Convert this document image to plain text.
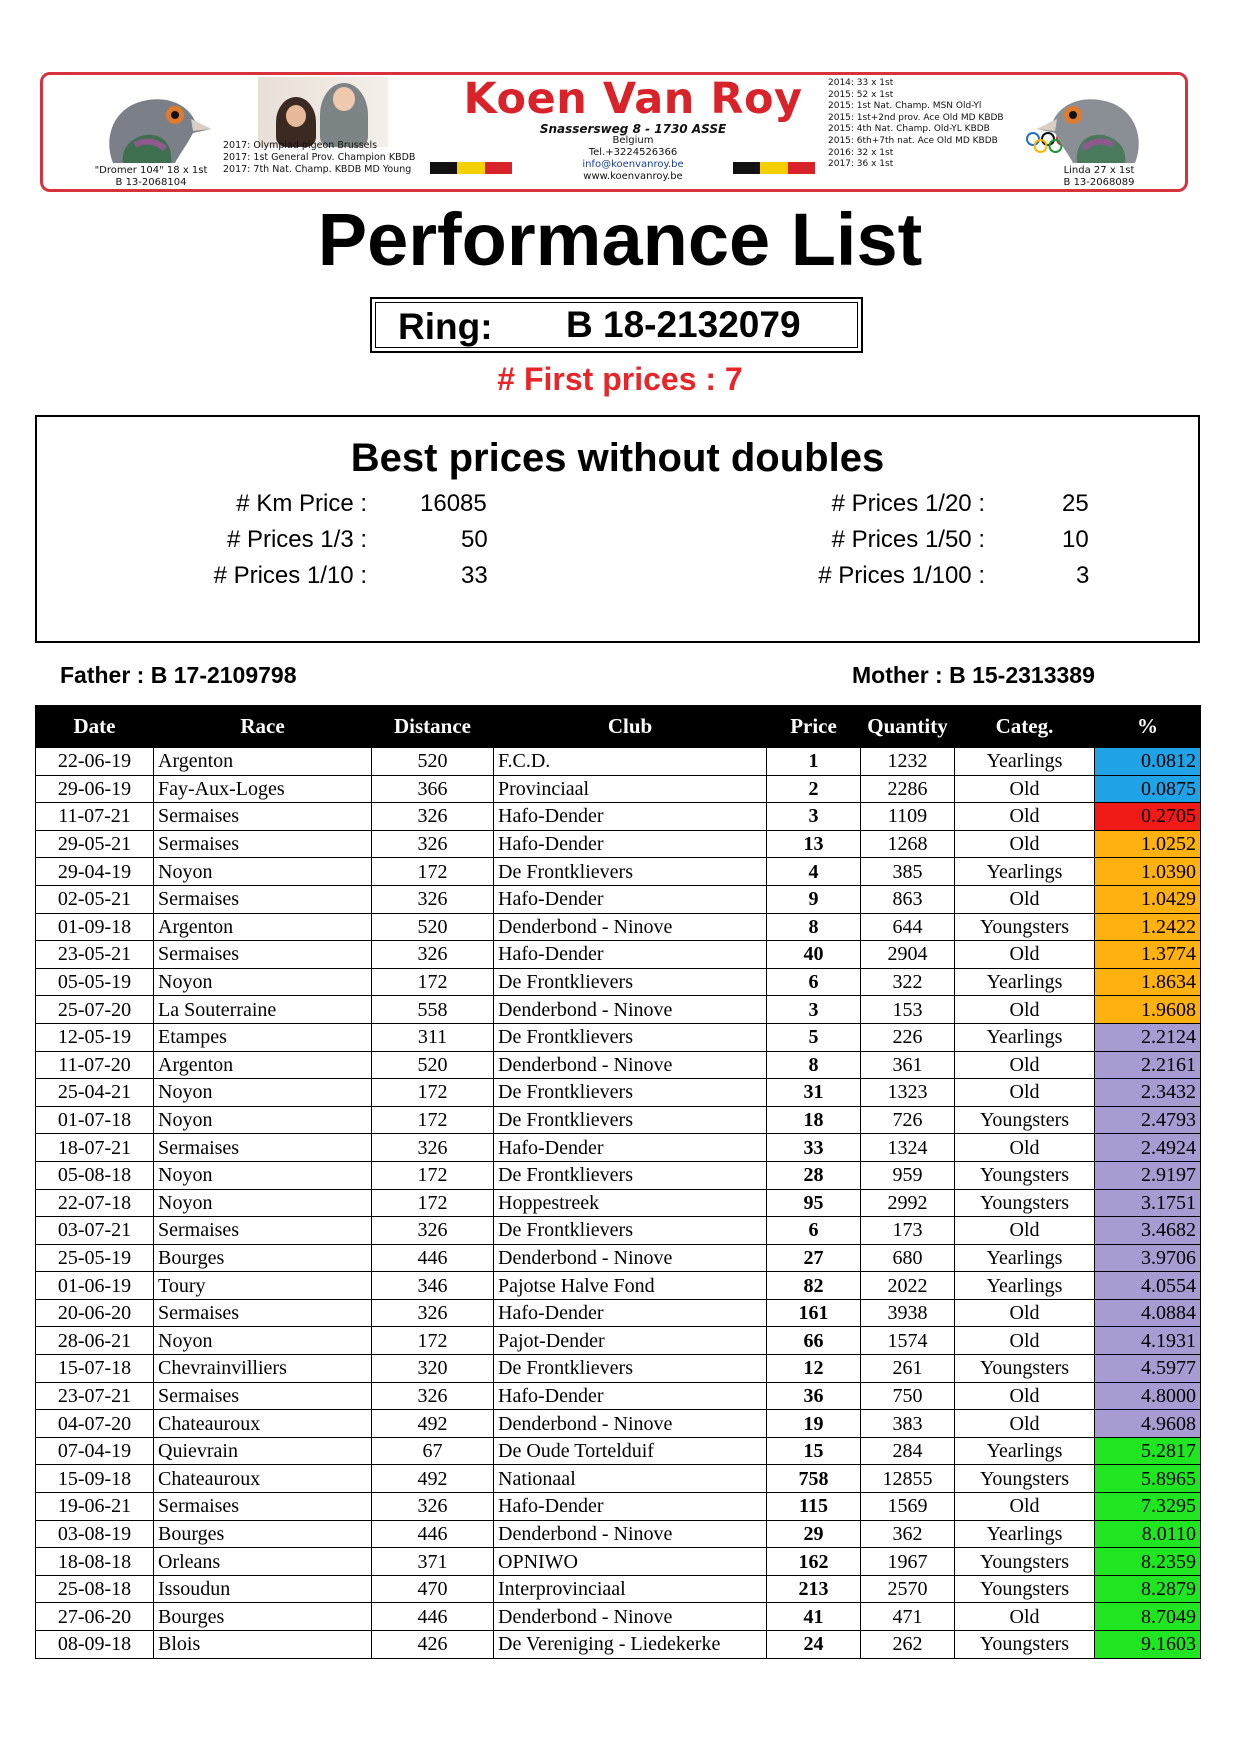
"Dromer 104" 18 x 1st
B 13-2068104
2017: Olympiad pigeon Brussels
2017: 1st General Prov. Champion KBDB
2017: 7th Nat. Champ. KBDB MD Young
Koen Van Roy
Snassersweg 8 - 1730 ASSE
Belgium
Tel.+3224526366
info@koenvanroy.be
www.koenvanroy.be
2014: 33 x 1st
2015: 52 x 1st
2015: 1st Nat. Champ. MSN Old-Yl
2015: 1st+2nd prov. Ace Old MD KBDB
2015: 4th Nat. Champ. Old-YL KBDB
2015: 6th+7th nat. Ace Old MD KBDB
2016: 32 x 1st
2017: 36 x 1st
Linda 27 x 1st
B 13-2068089
Performance List
Ring: B 18-2132079
# First prices : 7
Best prices without doubles
# Km Price : 16085
# Prices 1/3 :	50
# Prices 1/10 :	33
# Prices 1/20 :	25
# Prices 1/50 :	10
# Prices 1/100 :	3
Father : B 17-2109798	Mother : B 15-2313389
Date	Race	Distance	Club	Price	Quantity	Categ.	%
22-06-19	Argenton	520	F.C.D.	1	1232	Yearlings	0.0812
29-06-19	Fay-Aux-Loges	366	Provinciaal	2	2286	Old	0.0875
11-07-21	Sermaises	326	Hafo-Dender	3	1109	Old	0.2705
29-05-21	Sermaises	326	Hafo-Dender	13	1268	Old	1.0252
29-04-19	Noyon	172	De Frontklievers	4	385	Yearlings	1.0390
02-05-21	Sermaises	326	Hafo-Dender	9	863	Old	1.0429
01-09-18	Argenton	520	Denderbond - Ninove	8	644	Youngsters	1.2422
23-05-21	Sermaises	326	Hafo-Dender	40	2904	Old	1.3774
05-05-19	Noyon	172	De Frontklievers	6	322	Yearlings	1.8634
25-07-20	La Souterraine	558	Denderbond - Ninove	3	153	Old	1.9608
12-05-19	Etampes	311	De Frontklievers	5	226	Yearlings	2.2124
11-07-20	Argenton	520	Denderbond - Ninove	8	361	Old	2.2161
25-04-21	Noyon	172	De Frontklievers	31	1323	Old	2.3432
01-07-18	Noyon	172	De Frontklievers	18	726	Youngsters	2.4793
18-07-21	Sermaises	326	Hafo-Dender	33	1324	Old	2.4924
05-08-18	Noyon	172	De Frontklievers	28	959	Youngsters	2.9197
22-07-18	Noyon	172	Hoppestreek	95	2992	Youngsters	3.1751
03-07-21	Sermaises	326	De Frontklievers	6	173	Old	3.4682
25-05-19	Bourges	446	Denderbond - Ninove	27	680	Yearlings	3.9706
01-06-19	Toury	346	Pajotse Halve Fond	82	2022	Yearlings	4.0554
20-06-20	Sermaises	326	Hafo-Dender	161	3938	Old	4.0884
28-06-21	Noyon	172	Pajot-Dender	66	1574	Old	4.1931
15-07-18	Chevrainvilliers	320	De Frontklievers	12	261	Youngsters	4.5977
23-07-21	Sermaises	326	Hafo-Dender	36	750	Old	4.8000
04-07-20	Chateauroux	492	Denderbond - Ninove	19	383	Old	4.9608
07-04-19	Quievrain	67	De Oude Tortelduif	15	284	Yearlings	5.2817
15-09-18	Chateauroux	492	Nationaal	758	12855	Youngsters	5.8965
19-06-21	Sermaises	326	Hafo-Dender	115	1569	Old	7.3295
03-08-19	Bourges	446	Denderbond - Ninove	29	362	Yearlings	8.0110
18-08-18	Orleans	371	OPNIWO	162	1967	Youngsters	8.2359
25-08-18	Issoudun	470	Interprovinciaal	213	2570	Youngsters	8.2879
27-06-20	Bourges	446	Denderbond - Ninove	41	471	Old	8.7049
08-09-18	Blois	426	De Vereniging - Liedekerke	24	262	Youngsters	9.1603
